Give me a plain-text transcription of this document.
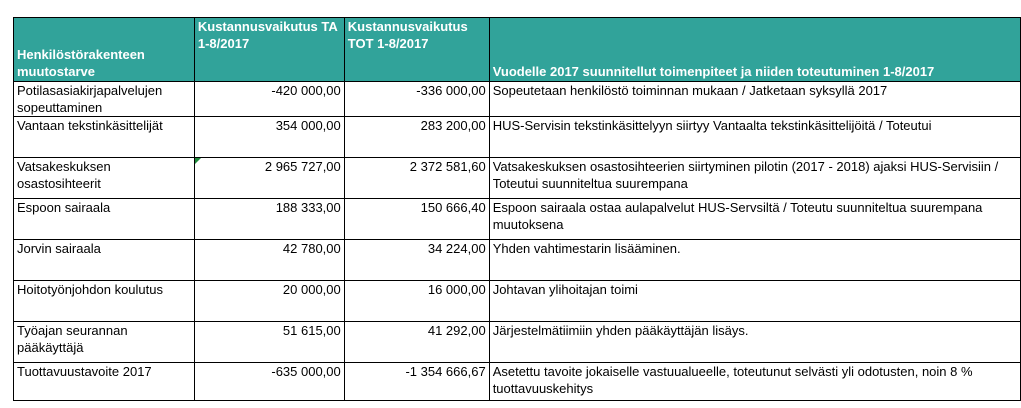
Henkilöstörakenteen muutostarve	Kustannusvaikutus TA 1-8/2017	Kustannusvaikutus TOT 1-8/2017	Vuodelle 2017 suunnitellut toimenpiteet ja niiden toteutuminen 1-8/2017
Potilasasiakirjapalvelujen sopeuttaminen	-420 000,00	-336 000,00	Sopeutetaan henkilöstö toiminnan mukaan / Jatketaan syksyllä 2017
Vantaan tekstinkäsittelijät	354 000,00	283 200,00	HUS-Servisin tekstinkäsittelyyn siirtyy Vantaalta tekstinkäsittelijöitä / Toteutui
Vatsakeskuksen osastosihteerit	2 965 727,00	2 372 581,60	Vatsakeskuksen osastosihteerien siirtyminen pilotin (2017 - 2018) ajaksi HUS-Servisiin / Toteutui suunniteltua suurempana
Espoon sairaala	188 333,00	150 666,40	Espoon sairaala ostaa aulapalvelut HUS-Servsiltä / Toteutu suunniteltua suurempana muutoksena
Jorvin sairaala	42 780,00	34 224,00	Yhden vahtimestarin lisääminen.
Hoitotyönjohdon koulutus	20 000,00	16 000,00	Johtavan ylihoitajan toimi
Työajan seurannan pääkäyttäjä	51 615,00	41 292,00	Järjestelmätiimiin yhden pääkäyttäjän lisäys.
Tuottavuustavoite 2017	-635 000,00	-1 354 666,67	Asetettu tavoite jokaiselle vastuualueelle, toteutunut selvästi yli odotusten, noin 8 % tuottavuuskehitys
